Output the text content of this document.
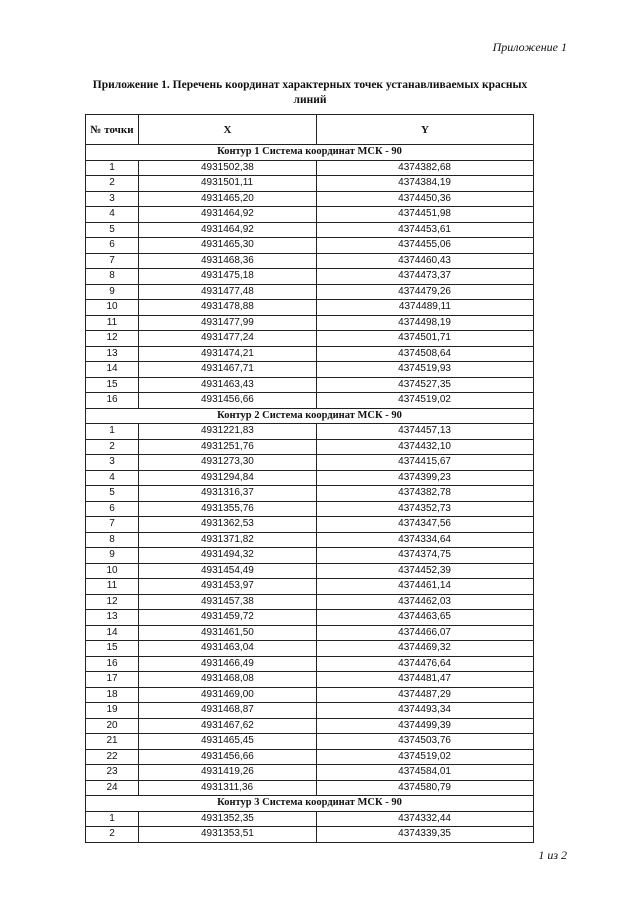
Приложение 1
Приложение 1. Перечень координат характерных точек устанавливаемых красных линий
№ точки	X	Y
Контур 1 Система координат МСК - 90		
1	4931502,38	4374382,68
2	4931501,11	4374384,19
3	4931465,20	4374450,36
4	4931464,92	4374451,98
5	4931464,92	4374453,61
6	4931465,30	4374455,06
7	4931468,36	4374460,43
8	4931475,18	4374473,37
9	4931477,48	4374479,26
10	4931478,88	4374489,11
11	4931477,99	4374498,19
12	4931477,24	4374501,71
13	4931474,21	4374508,64
14	4931467,71	4374519,93
15	4931463,43	4374527,35
16	4931456,66	4374519,02
Контур 2 Система координат МСК - 90		
1	4931221,83	4374457,13
2	4931251,76	4374432,10
3	4931273,30	4374415,67
4	4931294,84	4374399,23
5	4931316,37	4374382,78
6	4931355,76	4374352,73
7	4931362,53	4374347,56
8	4931371,82	4374334,64
9	4931494,32	4374374,75
10	4931454,49	4374452,39
11	4931453,97	4374461,14
12	4931457,38	4374462,03
13	4931459,72	4374463,65
14	4931461,50	4374466,07
15	4931463,04	4374469,32
16	4931466,49	4374476,64
17	4931468,08	4374481,47
18	4931469,00	4374487,29
19	4931468,87	4374493,34
20	4931467,62	4374499,39
21	4931465,45	4374503,76
22	4931456,66	4374519,02
23	4931419,26	4374584,01
24	4931311,36	4374580,79
Контур 3 Система координат МСК - 90		
1	4931352,35	4374332,44
2	4931353,51	4374339,35
1 из 2
